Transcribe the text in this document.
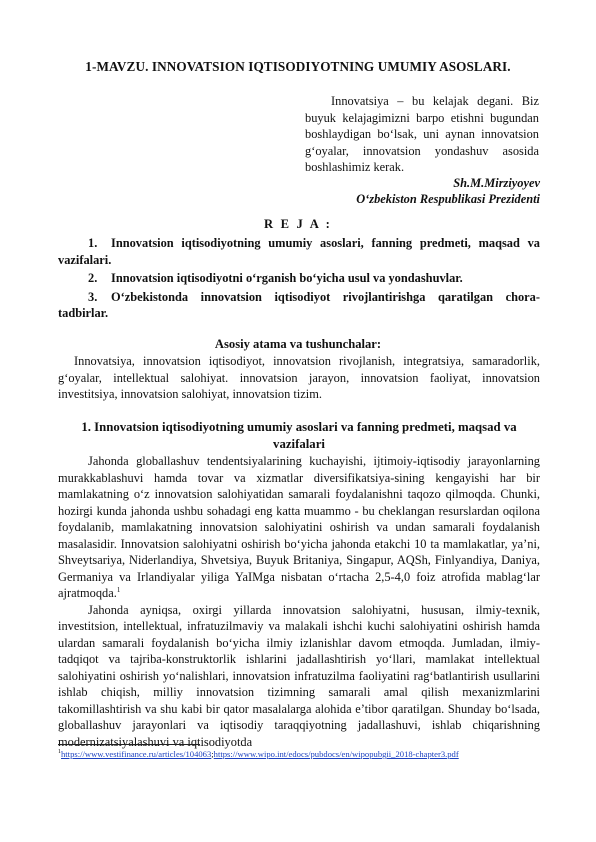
1-MAVZU. INNOVATSION IQTISODIYOTNING UMUMIY ASOSLARI.
Innovatsiya – bu kelajak degani. Biz buyuk kelajagimizni barpo etishni bugundan boshlaydigan bo‘lsak, uni aynan innovatsion g‘oyalar, innovatsion yondashuv asosida boshlashimiz kerak.
Sh.M.Mirziyoyev
O‘zbekiston Respublikasi Prezidenti
R E J A :
1. Innovatsion iqtisodiyotning umumiy asoslari, fanning predmeti, maqsad va vazifalari.
2. Innovatsion iqtisodiyotni o‘rganish bo‘yicha usul va yondashuvlar.
3. O‘zbekistonda innovatsion iqtisodiyot rivojlantirishga qaratilgan chora-tadbirlar.
Asosiy atama va tushunchalar:
Innovatsiya, innovatsion iqtisodiyot, innovatsion rivojlanish, integratsiya, samaradorlik, g‘oyalar, intellektual salohiyat. innovatsion jarayon, innovatsion faoliyat, innovatsion investitsiya, innovatsion salohiyat, innovatsion tizim.
1. Innovatsion iqtisodiyotning umumiy asoslari va fanning predmeti, maqsad va vazifalari

Jahonda globallashuv tendentsiyalarining kuchayishi, ijtimoiy-iqtisodiy jarayonlarning murakkablashuvi hamda tovar va xizmatlar diversifikatsiya-sining kengayishi har bir mamlakatning o‘z innovatsion salohiyatidan samarali foydalanishni taqozo qilmoqda. Chunki, hozirgi kunda jahonda ushbu sohadagi eng katta muammo - bu cheklangan resurslardan oqilona foydalanib, mamlakatning innovatsion salohiyatini oshirish va undan samarali foydalanish masalasidir. Innovatsion salohiyatni oshirish bo‘yicha jahonda etakchi 10 ta mamlakatlar, ya’ni, Shveytsariya, Niderlandiya, Shvetsiya, Buyuk Britaniya, Singapur, AQSh, Finlyandiya, Daniya, Germaniya va Irlandiyalar yiliga YaIMga nisbatan o‘rtacha 2,5-4,0 foiz atrofida mablag‘lar ajratmoqda.$^1$

Jahonda ayniqsa, oxirgi yillarda innovatsion salohiyatni, hususan, ilmiy-texnik, investitsion, intellektual, infratuzilmaviy va malakali ishchi kuchi salohiyatini oshirish hamda ulardan samarali foydalanish bo‘yicha ilmiy izlanishlar davom etmoqda. Jumladan, ilmiy-tadqiqot va tajriba-konstruktorlik ishlarini jadallashtirish yo‘llari, mamlakat intellektual salohiyatini oshirish yo‘nalishlari, innovatsion infratuzilma faoliyatini rag‘batlantirish usullarini ishlab chiqish, milliy innovatsion tizimning samarali amal qilish mexanizmlarini takomillashtirish va shu kabi bir qator masalalarga alohida e’tibor qaratilgan. Shunday bo‘lsada, globallashuv jarayonlari va iqtisodiy taraqqiyotning jadallashuvi, ishlab chiqarishning modernizatsiyalashuvi va iqtisodiyotda

$^1$https://www.vestifinance.ru/articles/104063;https://www.wipo.int/edocs/pubdocs/en/wipopubgii_2018-chapter3.pdf
